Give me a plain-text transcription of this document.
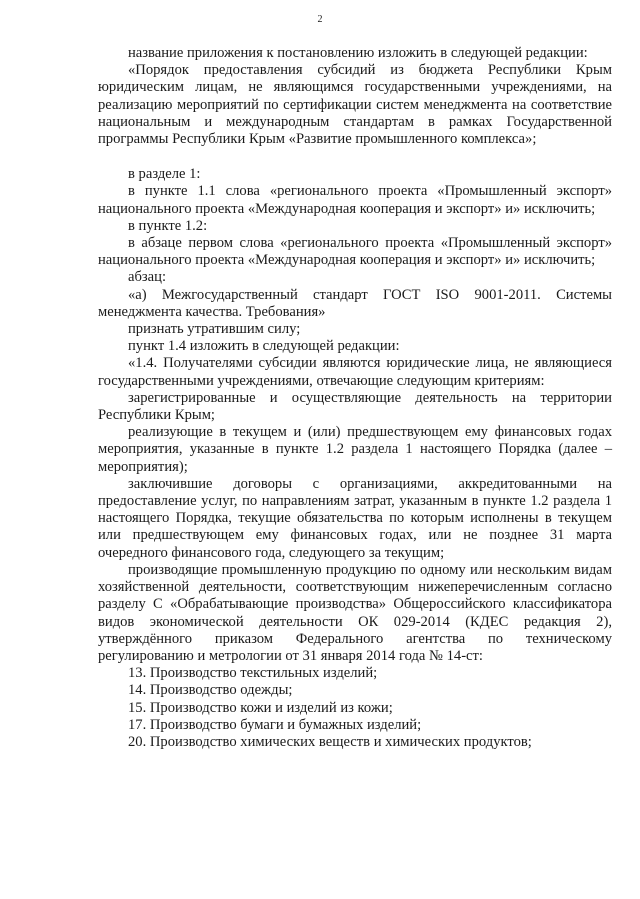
2

название приложения к постановлению изложить в следующей редакции:

«Порядок предоставления субсидий из бюджета Республики Крым юридическим лицам, не являющимся государственными учреждениями, на реализацию мероприятий по сертификации систем менеджмента на соответствие национальным и международным стандартам в рамках Государственной программы Республики Крым «Развитие промышленного комплекса»;

в разделе 1:

в пункте 1.1 слова «регионального проекта «Промышленный экспорт» национального проекта «Международная кооперация и экспорт» и» исключить;

в пункте 1.2:

в абзаце первом слова «регионального проекта «Промышленный экспорт» национального проекта «Международная кооперация и экспорт» и» исключить;

абзац:

«а) Межгосударственный стандарт ГОСТ ISO 9001-2011. Системы менеджмента качества. Требования»

признать утратившим силу;

пункт 1.4 изложить в следующей редакции:

«1.4. Получателями субсидии являются юридические лица, не являющиеся государственными учреждениями, отвечающие следующим критериям:

зарегистрированные и осуществляющие деятельность на территории Республики Крым;

реализующие в текущем и (или) предшествующем ему финансовых годах мероприятия, указанные в пункте 1.2 раздела 1 настоящего Порядка (далее – мероприятия);

заключившие договоры с организациями, аккредитованными на предоставление услуг, по направлениям затрат, указанным в пункте 1.2 раздела 1 настоящего Порядка, текущие обязательства по которым исполнены в текущем или предшествующем ему финансовых годах, или не позднее 31 марта очередного финансового года, следующего за текущим;

производящие промышленную продукцию по одному или нескольким видам хозяйственной деятельности, соответствующим нижеперечисленным согласно разделу С «Обрабатывающие производства» Общероссийского классификатора видов экономической деятельности ОК 029-2014 (КДЕС редакция 2), утверждённого приказом Федерального агентства по техническому регулированию и метрологии от 31 января 2014 года № 14-ст:

13. Производство текстильных изделий;

14. Производство одежды;

15. Производство кожи и изделий из кожи;

17. Производство бумаги и бумажных изделий;

20. Производство химических веществ и химических продуктов;
